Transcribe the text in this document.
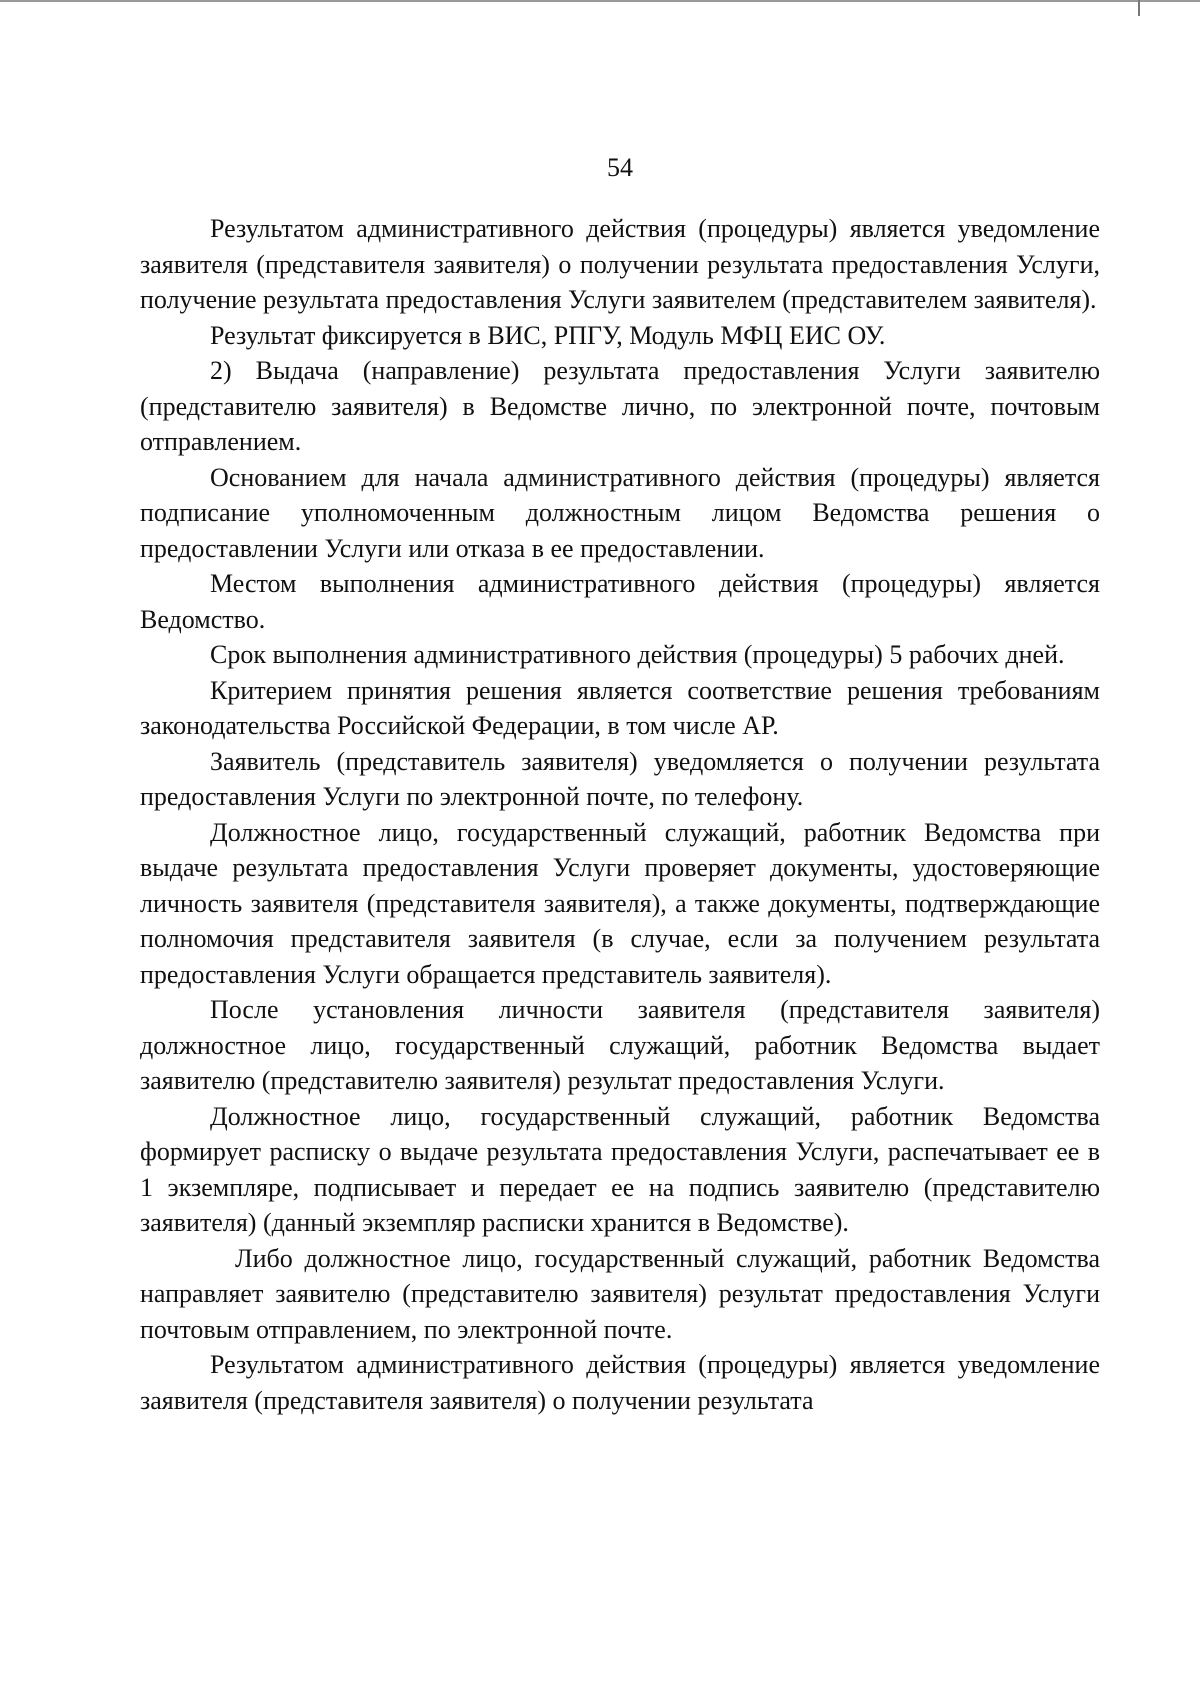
54

Результатом административного действия (процедуры) является уведомление заявителя (представителя заявителя) о получении результата предоставления Услуги, получение результата предоставления Услуги заявителем (представителем заявителя).

Результат фиксируется в ВИС, РПГУ, Модуль МФЦ ЕИС ОУ.

2) Выдача (направление) результата предоставления Услуги заявителю (представителю заявителя) в Ведомстве лично, по электронной почте, почтовым отправлением.

Основанием для начала административного действия (процедуры) является подписание уполномоченным должностным лицом Ведомства решения о предоставлении Услуги или отказа в ее предоставлении.

Местом выполнения административного действия (процедуры) является Ведомство.

Срок выполнения административного действия (процедуры) 5 рабочих дней.

Критерием принятия решения является соответствие решения требованиям законодательства Российской Федерации, в том числе АР.

Заявитель (представитель заявителя) уведомляется о получении результата предоставления Услуги по электронной почте, по телефону.

Должностное лицо, государственный служащий, работник Ведомства при выдаче результата предоставления Услуги проверяет документы, удостоверяющие личность заявителя (представителя заявителя), а также документы, подтверждающие полномочия представителя заявителя (в случае, если за получением результата предоставления Услуги обращается представитель заявителя).

После установления личности заявителя (представителя заявителя) должностное лицо, государственный служащий, работник Ведомства выдает заявителю (представителю заявителя) результат предоставления Услуги.

Должностное лицо, государственный служащий, работник Ведомства формирует расписку о выдаче результата предоставления Услуги, распечатывает ее в 1 экземпляре, подписывает и передает ее на подпись заявителю (представителю заявителя) (данный экземпляр расписки хранится в Ведомстве).

Либо должностное лицо, государственный служащий, работник Ведомства направляет заявителю (представителю заявителя) результат предоставления Услуги почтовым отправлением, по электронной почте.

Результатом административного действия (процедуры) является уведомление заявителя (представителя заявителя) о получении результата
